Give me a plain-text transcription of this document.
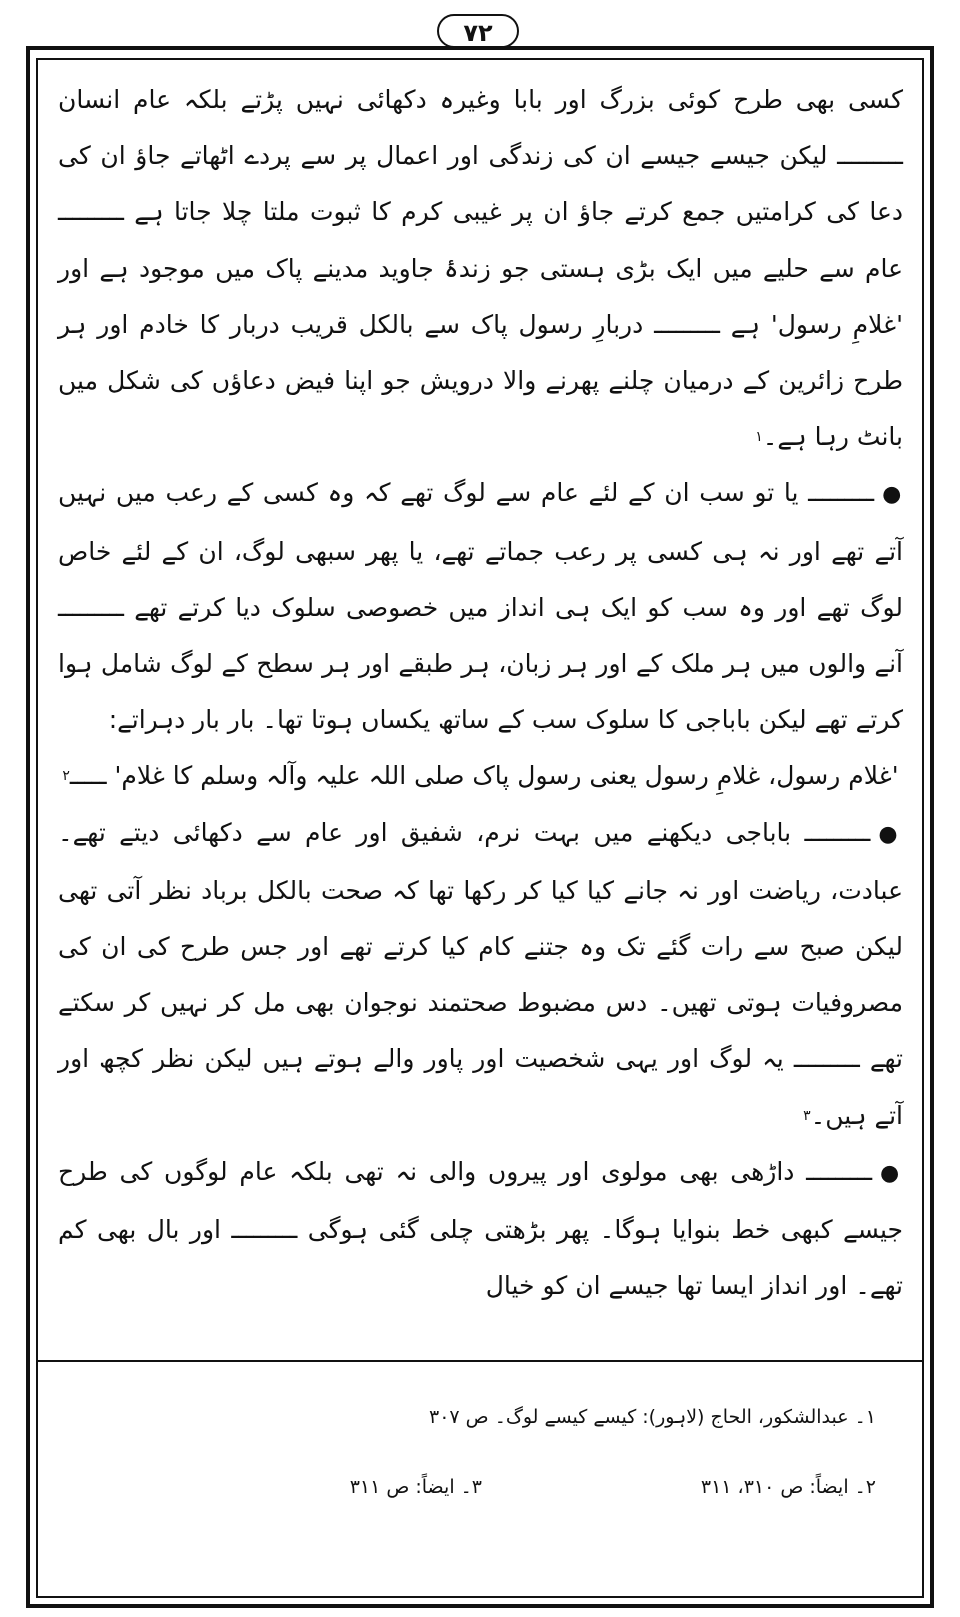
۷۲

کسی بھی طرح کوئی بزرگ اور بابا وغیرہ دکھائی نہیں پڑتے بلکہ عام انسان ـــــــــ لیکن جیسے جیسے ان کی زندگی اور اعمال پر سے پردے اٹھاتے جاؤ ان کی دعا کی کرامتیں جمع کرتے جاؤ ان پر غیبی کرم کا ثبوت ملتا چلا جاتا ہے ـــــــــ عام سے حلیے میں ایک بڑی ہستی جو زندۂ جاوید مدینے پاک میں موجود ہے اور 'غلامِ رسول' ہے ـــــــــ دربارِ رسول پاک سے بالکل قریب دربار کا خادم اور ہر طرح زائرین کے درمیان چلنے پھرنے والا درویش جو اپنا فیض دعاؤں کی شکل میں بانٹ رہا ہے۔$^۱$

●ـــــــــ یا تو سب ان کے لئے عام سے لوگ تھے کہ وہ کسی کے رعب میں نہیں آتے تھے اور نہ ہی کسی پر رعب جماتے تھے، یا پھر سبھی لوگ، ان کے لئے خاص لوگ تھے اور وہ سب کو ایک ہی انداز میں خصوصی سلوک دیا کرتے تھے ـــــــــ آنے والوں میں ہر ملک کے اور ہر زبان، ہر طبقے اور ہر سطح کے لوگ شامل ہوا کرتے تھے لیکن باباجی کا سلوک سب کے ساتھ یکساں ہوتا تھا۔ بار بار دہراتے:

'غلام رسول، غلامِ رسول یعنی رسول پاک صلی اللہ علیہ وآلہ وسلم کا غلام' ـــــ$^۲$

●ـــــــــ باباجی دیکھنے میں بہت نرم، شفیق اور عام سے دکھائی دیتے تھے۔ عبادت، ریاضت اور نہ جانے کیا کیا کر رکھا تھا کہ صحت بالکل برباد نظر آتی تھی لیکن صبح سے رات گئے تک وہ جتنے کام کیا کرتے تھے اور جس طرح کی ان کی مصروفیات ہوتی تھیں۔ دس مضبوط صحتمند نوجوان بھی مل کر نہیں کر سکتے تھے ـــــــــ یہ لوگ اور یہی شخصیت اور پاور والے ہوتے ہیں لیکن نظر کچھ اور آتے ہیں۔$^۳$

●ـــــــــ داڑھی بھی مولوی اور پیروں والی نہ تھی بلکہ عام لوگوں کی طرح جیسے کبھی خط بنوایا ہوگا۔ پھر بڑھتی چلی گئی ہوگی ـــــــــ اور بال بھی کم تھے۔ اور انداز ایسا تھا جیسے ان کو خیال

۱۔ عبدالشکور، الحاج (لاہور): کیسے کیسے لوگ۔ ص ۳۰۷
۲۔ ایضاً: ص ۳۱۰، ۳۱۱
۳۔ ایضاً: ص ۳۱۱
